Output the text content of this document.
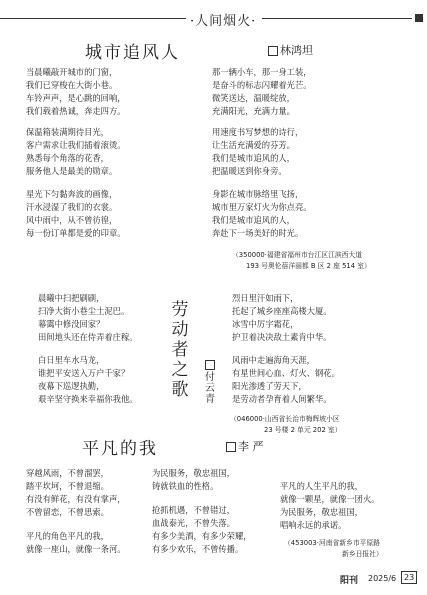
·人间烟火·
城市追风人	林鸿坦
当晨曦敲开城市的门窗，
我们已穿梭在大街小巷。
车铃声声，是心跳的回响，
我们载着热诚，奔走四方。
保温箱装满期待目光，
客户需求让我们插着滚烫。
熟悉每个角落的花香，
服务他人是最美的勋章。
星光下匀黏奔波的画像，
汗水浸湿了我们的衣裳。
风中雨中，从不曾彷徨，
每一份订单都是爱的印章。
那一辆小车，那一身工装，
是奋斗的标志闪耀着光芒。
微笑送达，温暖绽放，
充满阳光，充满力量。
用速度书写梦想的诗行，
让生活充满爱的芬芳。
我们是城市追风的人，
把温暖送到你身旁。
身影在城市脉络里飞扬，
城市里万家灯火为你点亮。
我们是城市追风的人，
奔赴下一场美好的时光。
（350000·福建省福州市台江区江滨西大道
193 号奥伦蓓洋丽都 B 区 2 座 514 室）
晨曦中扫把刷刷，
扫净大街小巷尘土泥巴。
幕霭中修没回家？
田间地头还在侍弄着庄稼。
白日里车水马龙，
谁把平安送入万户千家？
夜幕下巡逻执勤，
艰辛坚守换来幸福你我他。
劳动者之歌
付云青
烈日里汗如雨下，
托起了城乡座座高楼大厦。
冰雪中厉宇霜花，
护卫着决决敌土素肯中华。
风雨中走遍海角天涯，
有星世间心血、灯火、钢花。
阳光渗透了劳天下，
是劳动者孕育着人间繁华。
（046000·山西省长治市梅辉坡小区
23 号楼 2 单元 202 室）
平凡的我	李 严
穿越风雨，不曾溜罢，
踏平坎坷，不曾退缩。
有没有鲜花，有没有掌声，
不曾留恋，不曾思索。
平凡的角色平凡的我，
就像一座山，就像一条河。
为民服务，敬忠祖国，
铸就铁血的性格。
抢抓机遇，不曾错过，
血战泰光，不曾失落。
有多少美酒，有多少荣耀，
有多少欢乐，不曾传播。
平凡的人生平凡的我，
就像一颗星，就像一团火。
为民服务，敬忠祖国，
唱响永远的承诺。
（453003·河南省新乡市平原路
新乡日报社）
阳刊 2025/6 23
